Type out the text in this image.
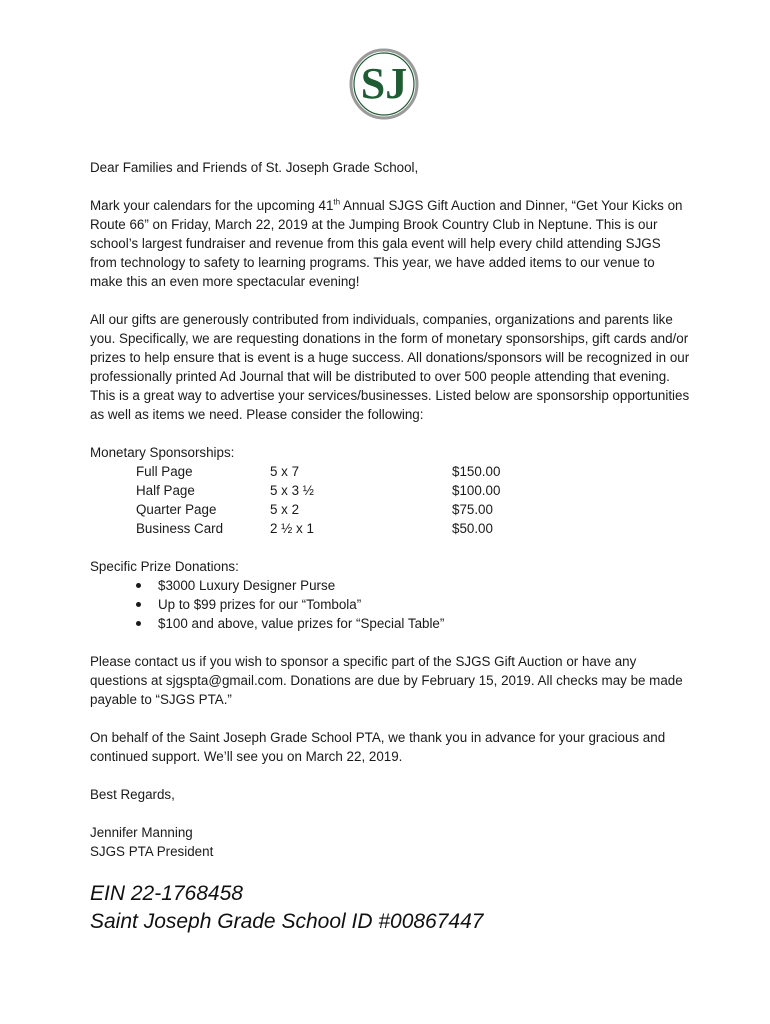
SJ

Dear Families and Friends of St. Joseph Grade School,

Mark your calendars for the upcoming 41th Annual SJGS Gift Auction and Dinner, “Get Your Kicks on Route 66” on Friday, March 22, 2019 at the Jumping Brook Country Club in Neptune. This is our school’s largest fundraiser and revenue from this gala event will help every child attending SJGS from technology to safety to learning programs. This year, we have added items to our venue to make this an even more spectacular evening!

All our gifts are generously contributed from individuals, companies, organizations and parents like you. Specifically, we are requesting donations in the form of monetary sponsorships, gift cards and/or prizes to help ensure that is event is a huge success. All donations/sponsors will be recognized in our professionally printed Ad Journal that will be distributed to over 500 people attending that evening. This is a great way to advertise your services/businesses. Listed below are sponsorship opportunities as well as items we need. Please consider the following:

Monetary Sponsorships:

Full Page	5 x 7	$150.00
Half Page	5 x 3 ½	$100.00
Quarter Page	5 x 2	$75.00
Business Card	2 ½ x 1	$50.00

Specific Prize Donations:

$3000 Luxury Designer Purse
Up to $99 prizes for our “Tombola”
$100 and above, value prizes for “Special Table”

Please contact us if you wish to sponsor a specific part of the SJGS Gift Auction or have any questions at sjgspta@gmail.com. Donations are due by February 15, 2019. All checks may be made payable to “SJGS PTA.”

On behalf of the Saint Joseph Grade School PTA, we thank you in advance for your gracious and continued support. We’ll see you on March 22, 2019.

Best Regards,

Jennifer Manning

SJGS PTA President

EIN 22-1768458
Saint Joseph Grade School ID #00867447
